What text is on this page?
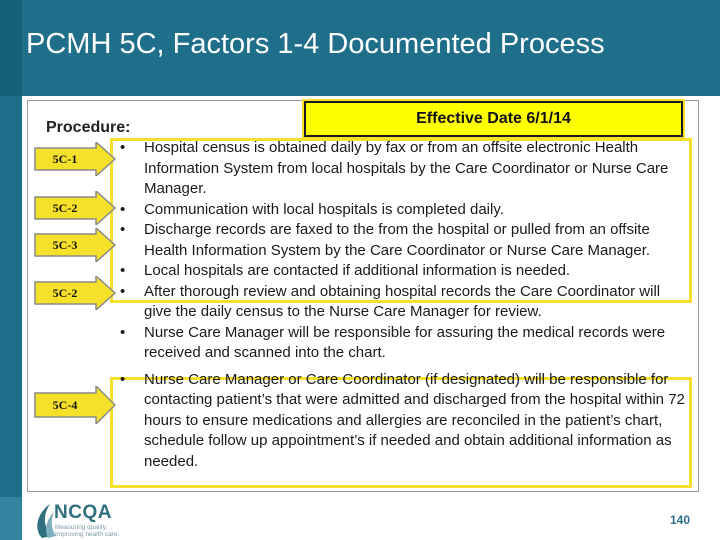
PCMH 5C, Factors 1-4 Documented Process
Procedure:
Effective Date 6/1/14
5C-1
5C-2
5C-3
5C-2
5C-4
• Hospital census is obtained daily by fax or from an offsite electronic Health Information System from local hospitals by the Care Coordinator or Nurse Care Manager.
• Communication with local hospitals is completed daily.
• Discharge records are faxed to the from the hospital or pulled from an offsite Health Information System by the Care Coordinator or Nurse Care Manager.
• Local hospitals are contacted if additional information is needed.
• After thorough review and obtaining hospital records the Care Coordinator will give the daily census to the Nurse Care Manager for review.
• Nurse Care Manager will be responsible for assuring the medical records were received and scanned into the chart.
• Nurse Care Manager or Care Coordinator (if designated) will be responsible for contacting patient’s that were admitted and discharged from the hospital within 72 hours to ensure medications and allergies are reconciled in the patient’s chart, schedule follow up appointment’s if needed and obtain additional information as needed.
NCQA
Measuring quality. Improving health care.
140
